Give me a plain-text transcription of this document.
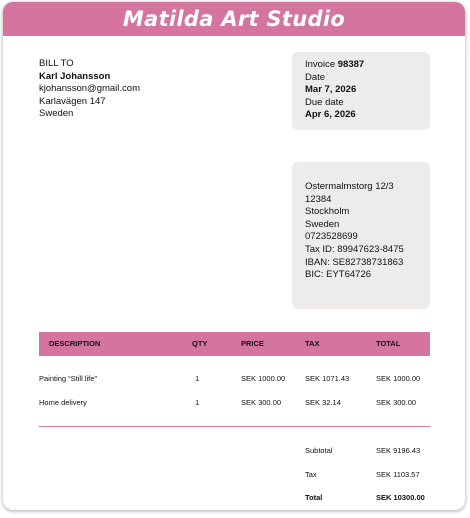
Matilda Art Studio
BILL TO
Karl Johansson
kjohansson@gmail.com
Karlavägen 147
Sweden
Invoice 98387
Date
Mar 7, 2026
Due date
Apr 6, 2026
Ostermalmstorg 12/3
12384
Stockholm
Sweden
0723528699
Tax ID: 89947623-8475
IBAN: SE82738731863
BIC: EYT64726
DESCRIPTION	QTY	PRICE	TAX	TOTAL
Painting “Still life”	1	SEK 1000.00	SEK 1071.43	SEK 1000.00
Home delivery	1	SEK 300.00	SEK 32.14	SEK 300.00
Subtotal	SEK 9196.43
Tax	SEK 1103.57
Total	SEK 10300.00
